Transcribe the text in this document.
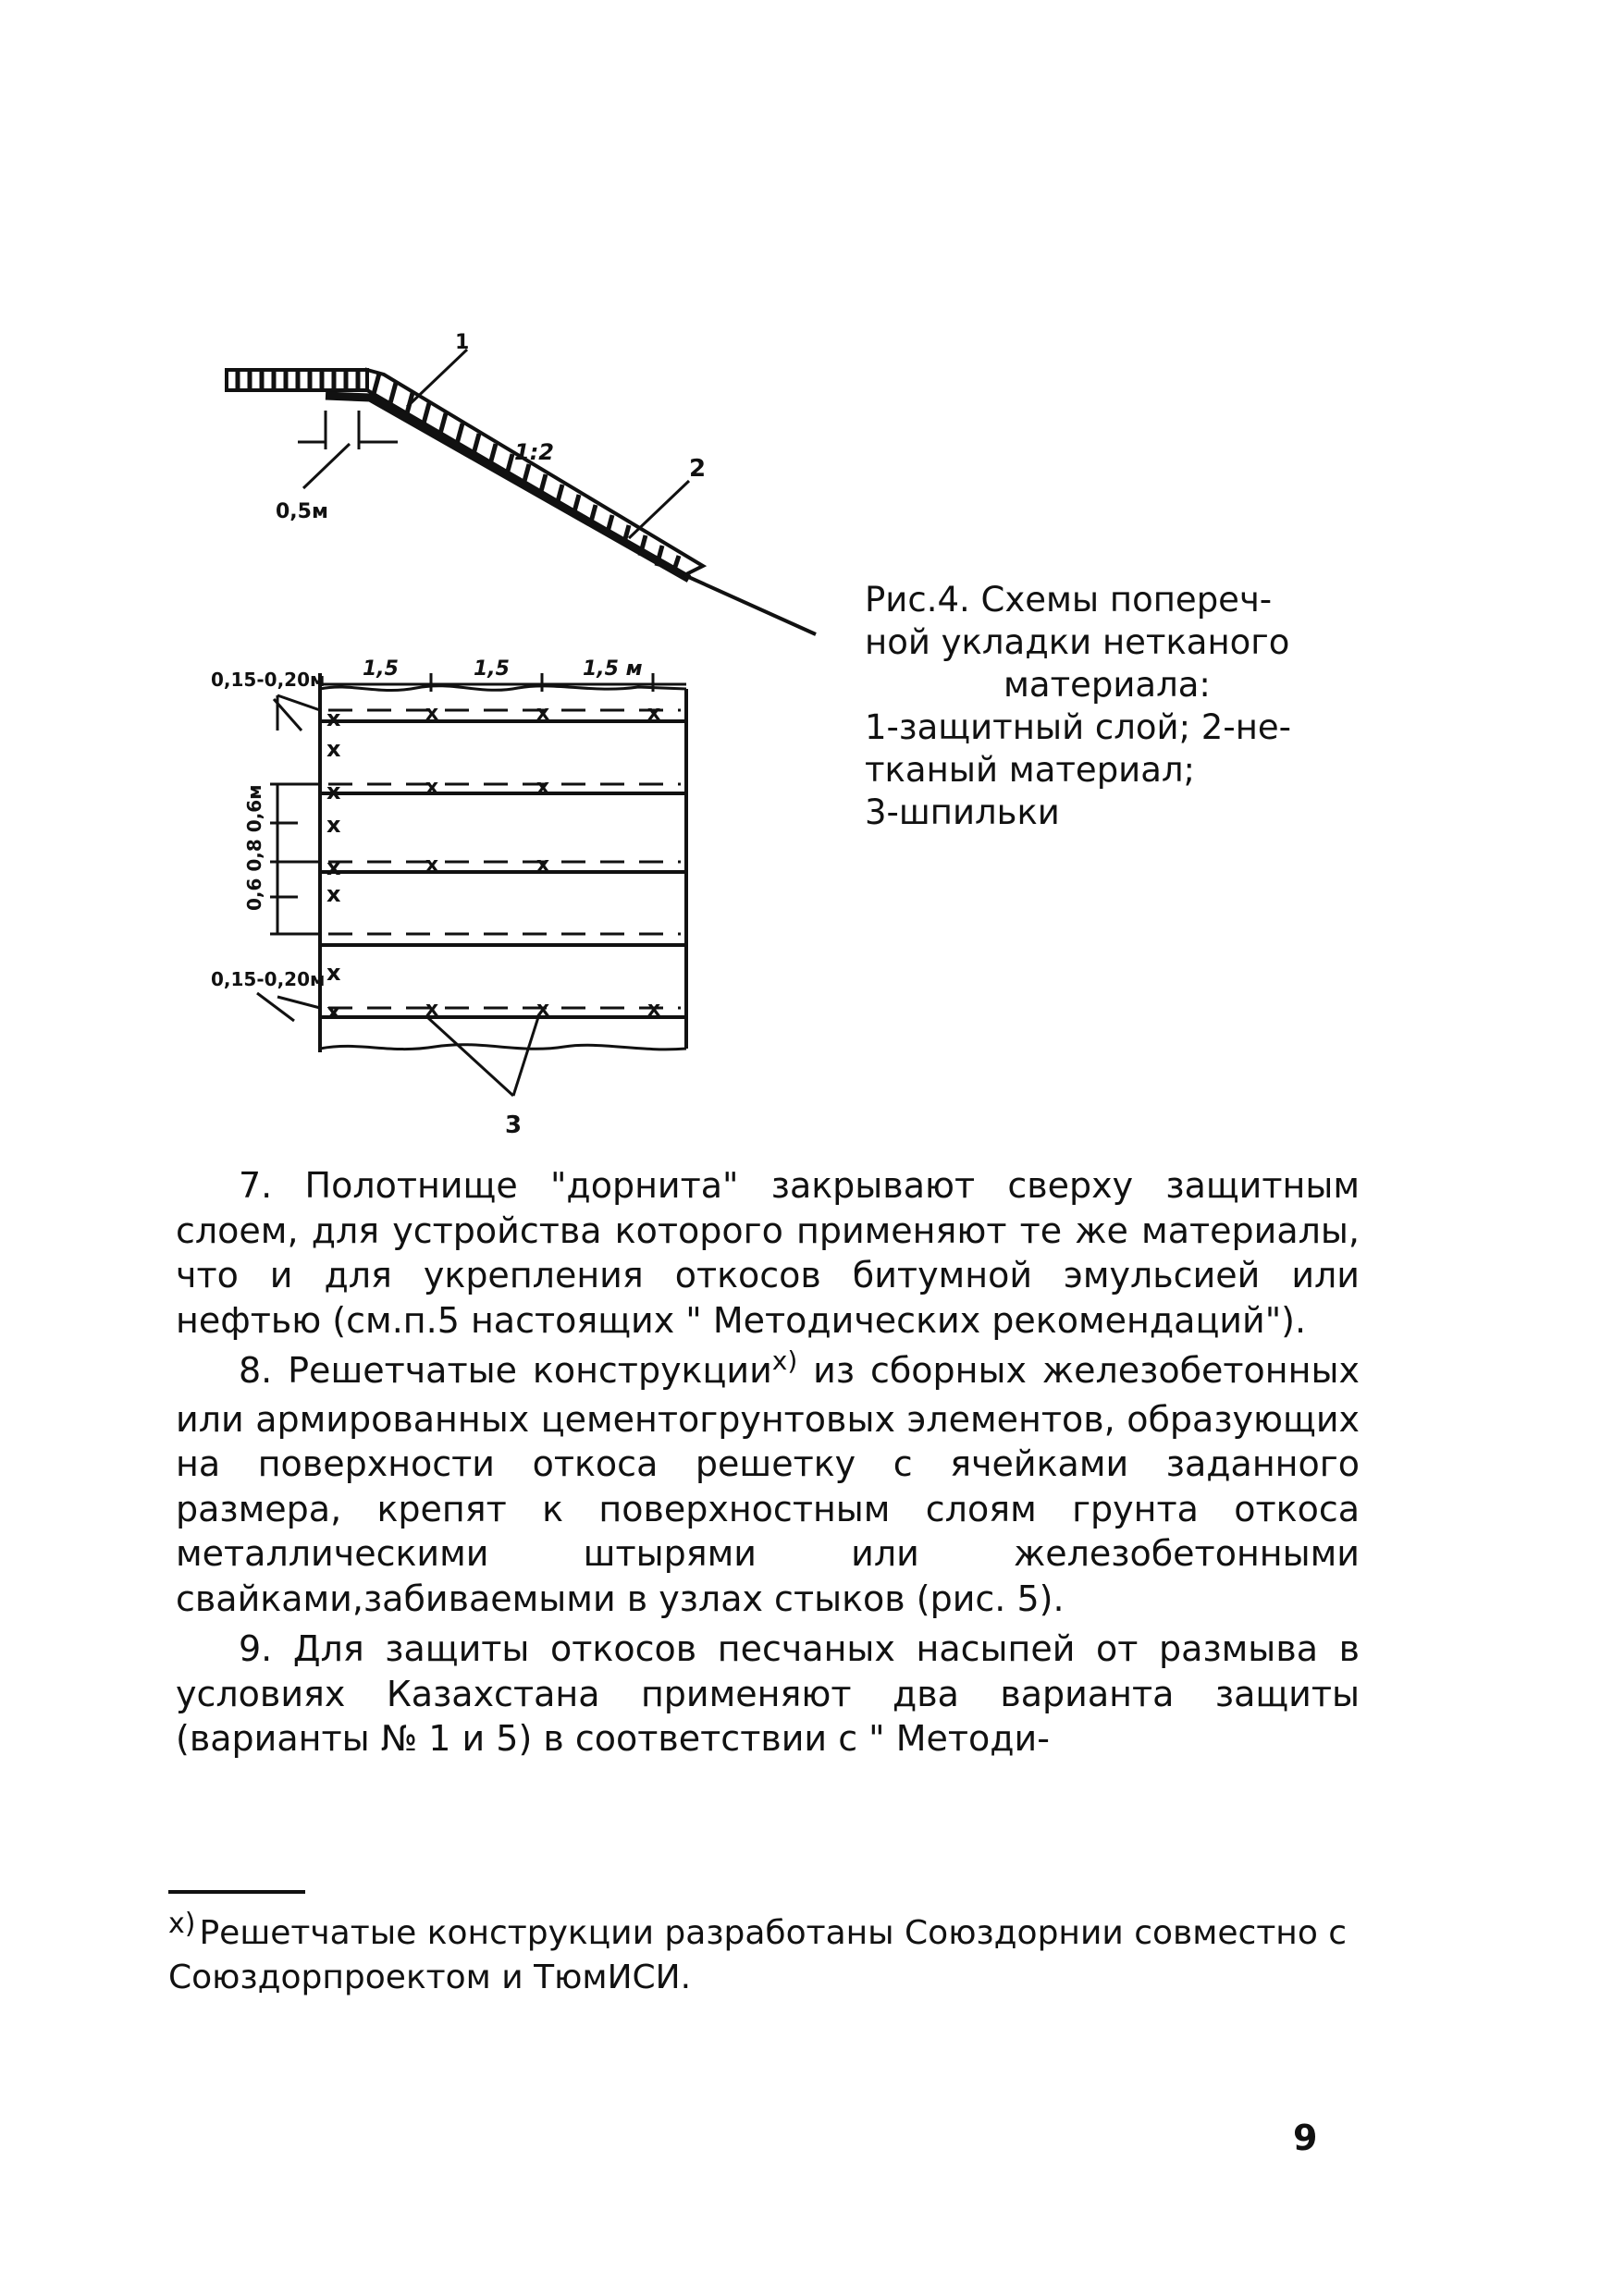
0,5м
1
1:2
2
x
x
x
x
x
x
x
x
x	x	x
x	x
x	x
x	x	x
1,5	1,5	1,5 м
0,15-0,20м
0,6 0,8 0,6м
0,15-0,20м
3
Рис.4. Схемы попереч-
ной укладки нетканого
материала:
1-защитный слой; 2-не-
тканый материал;
3-шпильки

7. Полотнище "дорнита" закрывают сверху защитным слоем, для устройства которого применяют те же материалы, что и для укрепления откосов битумной эмульсией или нефтью (см.п.5 настоящих " Методических рекомендаций").

8. Решетчатые конструкции$^{x)}$ из сборных железобетонных или армированных цементогрунтовых элементов, образующих на поверхности откоса решетку с ячейками заданного размера, крепят к поверхностным слоям грунта откоса металлическими штырями или железобетонными свайками,забиваемыми в узлах стыков (рис. 5).

9. Для защиты откосов песчаных насыпей от размыва в условиях Казахстана применяют два варианта защиты (варианты № 1 и 5) в соответствии с " Методи-

$^{x)}$ Решетчатые конструкции разработаны Союздорнии совместно с Союздорпроектом и ТюмИСИ.
9
